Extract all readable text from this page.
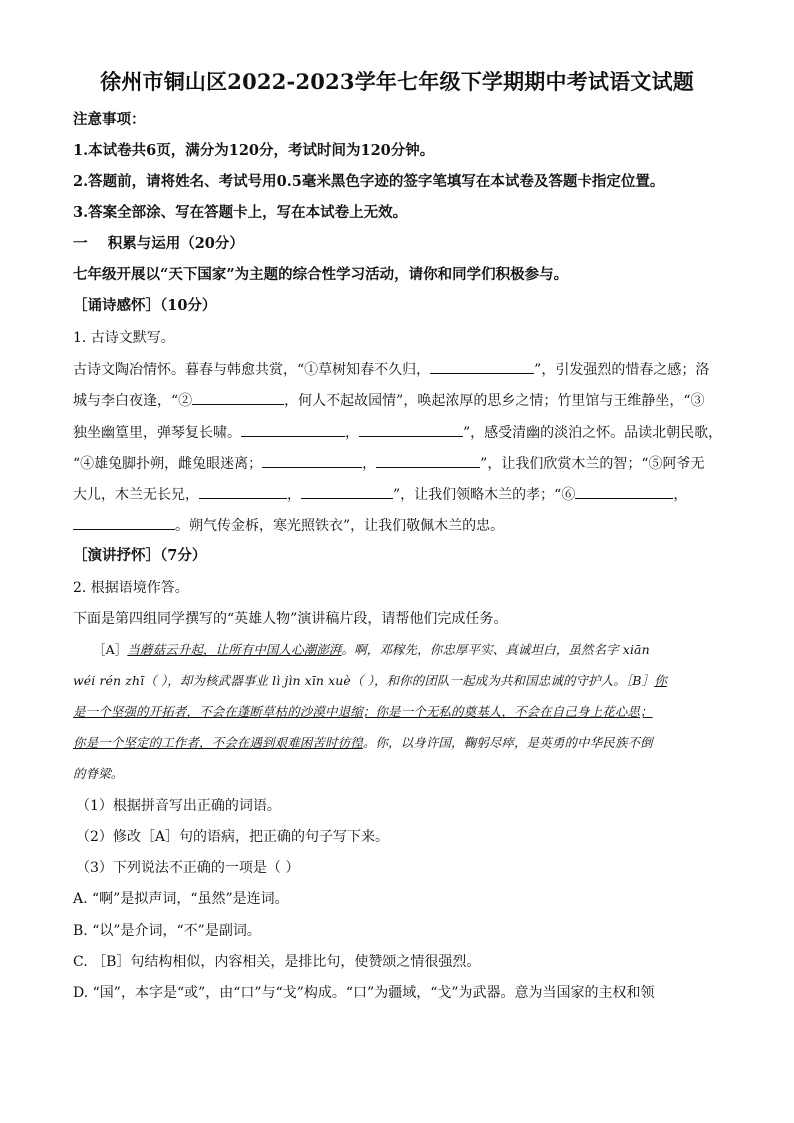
徐州市铜山区2022-2023学年七年级下学期期中考试语文试题
注意事项：
1.本试卷共6页，满分为120分，考试时间为120分钟。
2.答题前，请将姓名、考试号用0.5毫米黑色字迹的签字笔填写在本试卷及答题卡指定位置。
3.答案全部涂、写在答题卡上，写在本试卷上无效。
一    积累与运用（20分）
七年级开展以“天下国家”为主题的综合性学习活动，请你和同学们积极参与。
［诵诗感怀］（10分）
1. 古诗文默写。
古诗文陶冶情怀。暮春与韩愈共赏，“①草树知春不久归，	”，引发强烈的惜春之感；洛
城与李白夜逢，“②	，何人不起故园情”，唤起浓厚的思乡之情；竹里馆与王维静坐，“③
独坐幽篁里，弹琴复长啸。	，	”，感受清幽的淡泊之怀。品读北朝民歌，
“④雄兔脚扑朔，雌兔眼迷离；	，	”，让我们欣赏木兰的智；“⑤阿爷无
大儿，木兰无长兄，	，	”，让我们领略木兰的孝；“⑥	，
。朔气传金柝，寒光照铁衣”，让我们敬佩木兰的忠。
［演讲抒怀］（7分）
2. 根据语境作答。
下面是第四组同学撰写的“英雄人物”演讲稿片段，请帮他们完成任务。
［A］当蘑菇云升起，让所有中国人心潮澎湃。啊，邓稼先，你忠厚平实、真诚坦白，虽然名字 xiān
wéi rén zhī（ ），却为核武器事业 lì jìn xīn xuè（ ），和你的团队一起成为共和国忠诚的守护人。［B］你
是一个坚强的开拓者，不会在蓬断草枯的沙漠中退缩；你是一个无私的奠基人，不会在自己身上花心思；
你是一个坚定的工作者，不会在遇到艰难困苦时彷徨。你，以身许国，鞠躬尽瘁，是英勇的中华民族不倒
的脊梁。
（1）根据拼音写出正确的词语。
（2）修改［A］句的语病，把正确的句子写下来。
（3）下列说法不正确的一项是（ ）
A. “啊”是拟声词，“虽然”是连词。
B. “以”是介词，“不”是副词。
C. ［B］句结构相似，内容相关，是排比句，使赞颂之情很强烈。
D. “国”，本字是“或”，由“口”与“戈”构成。“口”为疆域，“戈”为武器。意为当国家的主权和领
